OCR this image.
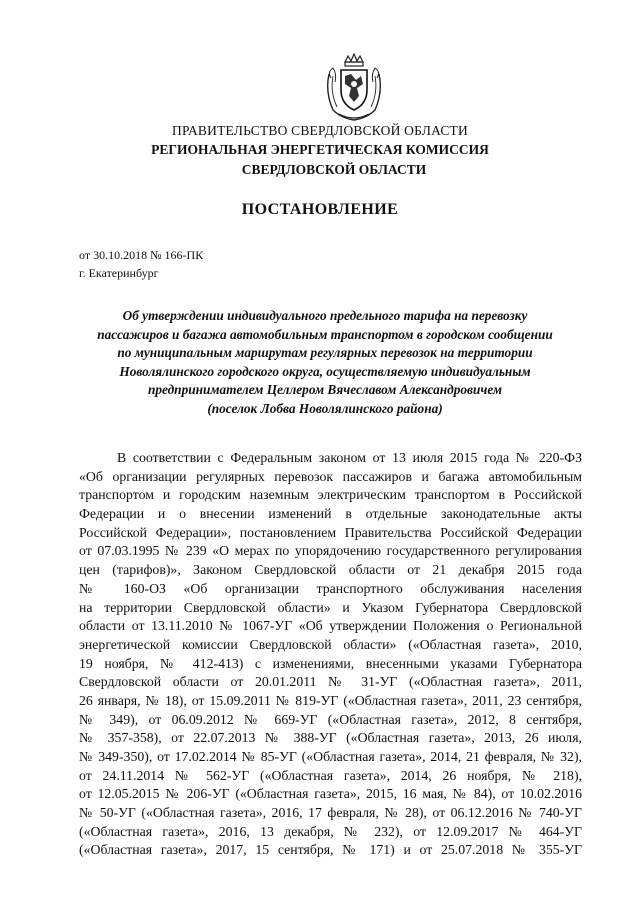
ПРАВИТЕЛЬСТВО СВЕРДЛОВСКОЙ ОБЛАСТИ
РЕГИОНАЛЬНАЯ ЭНЕРГЕТИЧЕСКАЯ КОМИССИЯ
СВЕРДЛОВСКОЙ ОБЛАСТИ
ПОСТАНОВЛЕНИЕ
от 30.10.2018 № 166-ПК
г. Екатеринбург
Об утверждении индивидуального предельного тарифа на перевозку
пассажиров и багажа автомобильным транспортом в городском сообщении
по муниципальным маршрутам регулярных перевозок на территории
Новолялинского городского округа, осуществляемую индивидуальным
предпринимателем Целлером Вячеславом Александровичем
(поселок Лобва Новолялинского района)
В соответствии с Федеральным законом от 13 июля 2015 года № 220-ФЗ
«Об организации регулярных перевозок пассажиров и багажа автомобильным
транспортом и городским наземным электрическим транспортом в Российской
Федерации и о внесении изменений в отдельные законодательные акты
Российской Федерации», постановлением Правительства Российской Федерации
от 07.03.1995 № 239 «О мерах по упорядочению государственного регулирования
цен (тарифов)», Законом Свердловской области от 21 декабря 2015 года
№ 160-ОЗ «Об организации транспортного обслуживания населения
на территории Свердловской области» и Указом Губернатора Свердловской
области от 13.11.2010 № 1067-УГ «Об утверждении Положения о Региональной
энергетической комиссии Свердловской области» («Областная газета», 2010,
19 ноября, № 412-413) с изменениями, внесенными указами Губернатора
Свердловской области от 20.01.2011 № 31-УГ («Областная газета», 2011,
26 января, № 18), от 15.09.2011 № 819-УГ («Областная газета», 2011, 23 сентября,
№ 349), от 06.09.2012 № 669-УГ («Областная газета», 2012, 8 сентября,
№ 357-358), от 22.07.2013 № 388-УГ («Областная газета», 2013, 26 июля,
№ 349-350), от 17.02.2014 № 85-УГ («Областная газета», 2014, 21 февраля, № 32),
от 24.11.2014 № 562-УГ («Областная газета», 2014, 26 ноября, № 218),
от 12.05.2015 № 206-УГ («Областная газета», 2015, 16 мая, № 84), от 10.02.2016
№ 50-УГ («Областная газета», 2016, 17 февраля, № 28), от 06.12.2016 № 740-УГ
(«Областная газета», 2016, 13 декабря, № 232), от 12.09.2017 № 464-УГ
(«Областная газета», 2017, 15 сентября, № 171) и от 25.07.2018 № 355-УГ
